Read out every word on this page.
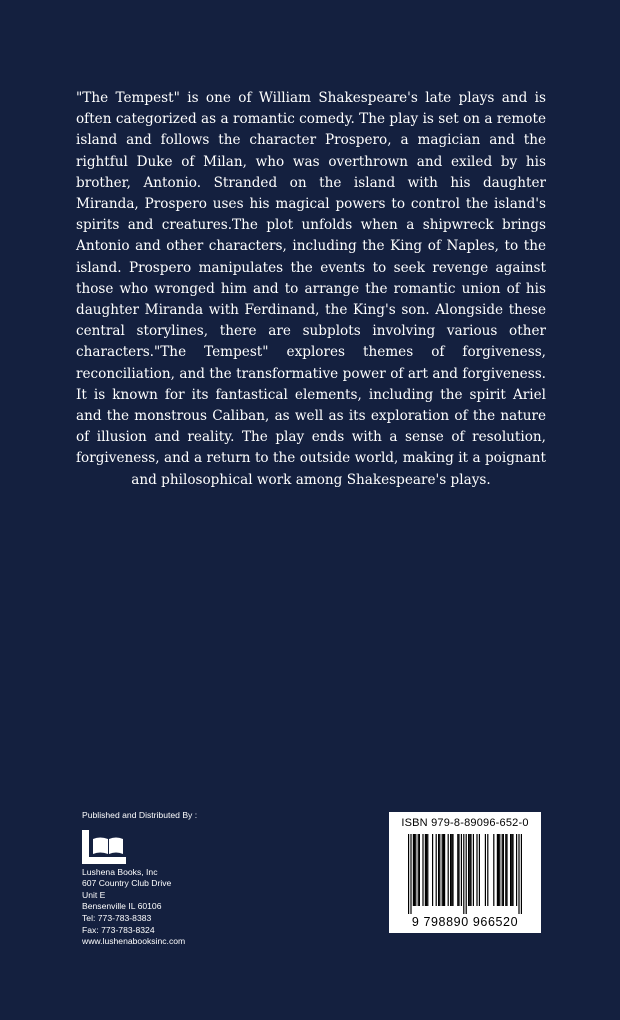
"The Tempest" is one of William Shakespeare's late plays and is often categorized as a romantic comedy. The play is set on a remote island and follows the character Prospero, a magician and the rightful Duke of Milan, who was overthrown and exiled by his brother, Antonio. Stranded on the island with his daughter Miranda, Prospero uses his magical powers to control the island's spirits and creatures.The plot unfolds when a shipwreck brings Antonio and other characters, including the King of Naples, to the island. Prospero manipulates the events to seek revenge against those who wronged him and to arrange the romantic union of his daughter Miranda with Ferdinand, the King's son. Alongside these central storylines, there are subplots involving various other characters."The Tempest" explores themes of forgiveness, reconciliation, and the transformative power of art and forgiveness. It is known for its fantastical elements, including the spirit Ariel and the monstrous Caliban, as well as its exploration of the nature of illusion and reality. The play ends with a sense of resolution, forgiveness, and a return to the outside world, making it a poignant and philosophical work among Shakespeare's plays.

Published and Distributed By :
Lushena Books, Inc
607 Country Club Drive
Unit E
Bensenville IL 60106
Tel: 773-783-8383
Fax: 773-783-8324
www.lushenabooksinc.com
ISBN 979-8-89096-652-0
9 798890 966520
